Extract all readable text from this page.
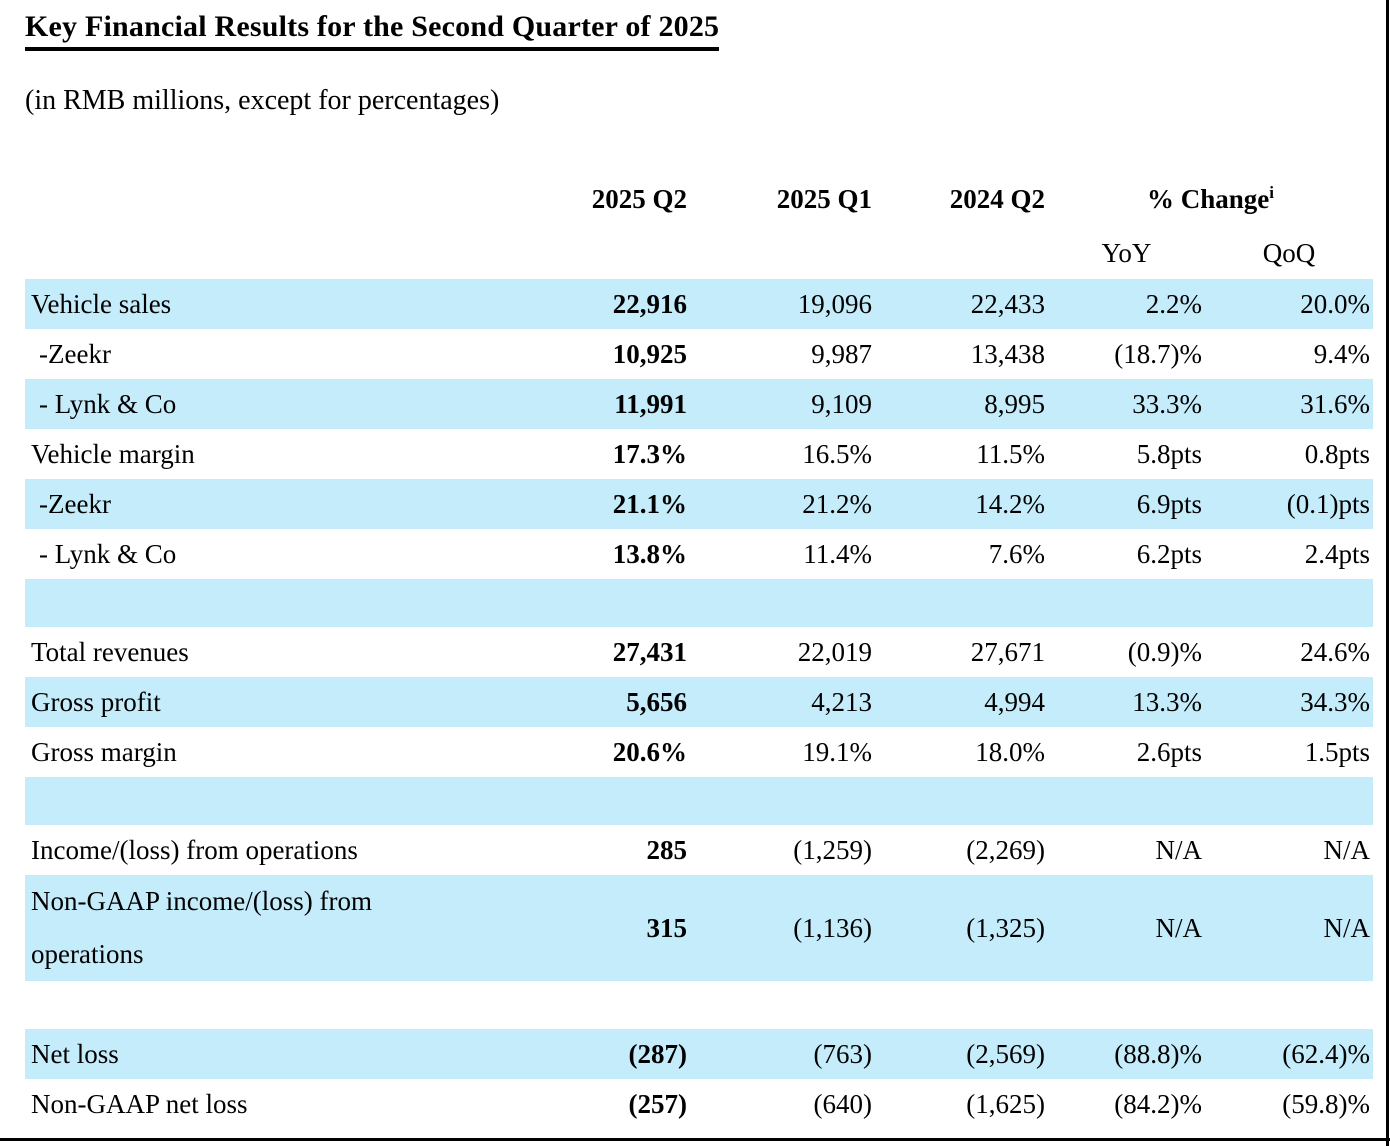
Key Financial Results for the Second Quarter of 2025
(in RMB millions, except for percentages)
	2025 Q2	2025 Q1	2024 Q2	% Change$^i$
				YoY	QoQ
Vehicle sales	22,916	19,096	22,433	2.2%	20.0%
-Zeekr	10,925	9,987	13,438	(18.7)%	9.4%
- Lynk & Co	11,991	9,109	8,995	33.3%	31.6%
Vehicle margin	17.3%	16.5%	11.5%	5.8pts	0.8pts
-Zeekr	21.1%	21.2%	14.2%	6.9pts	(0.1)pts
- Lynk & Co	13.8%	11.4%	7.6%	6.2pts	2.4pts

Total revenues	27,431	22,019	27,671	(0.9)%	24.6%
Gross profit	5,656	4,213	4,994	13.3%	34.3%
Gross margin	20.6%	19.1%	18.0%	2.6pts	1.5pts

Income/(loss) from operations	285	(1,259)	(2,269)	N/A	N/A
Non-GAAP income/(loss) from operations	315	(1,136)	(1,325)	N/A	N/A

Net loss	(287)	(763)	(2,569)	(88.8)%	(62.4)%
Non-GAAP net loss	(257)	(640)	(1,625)	(84.2)%	(59.8)%
